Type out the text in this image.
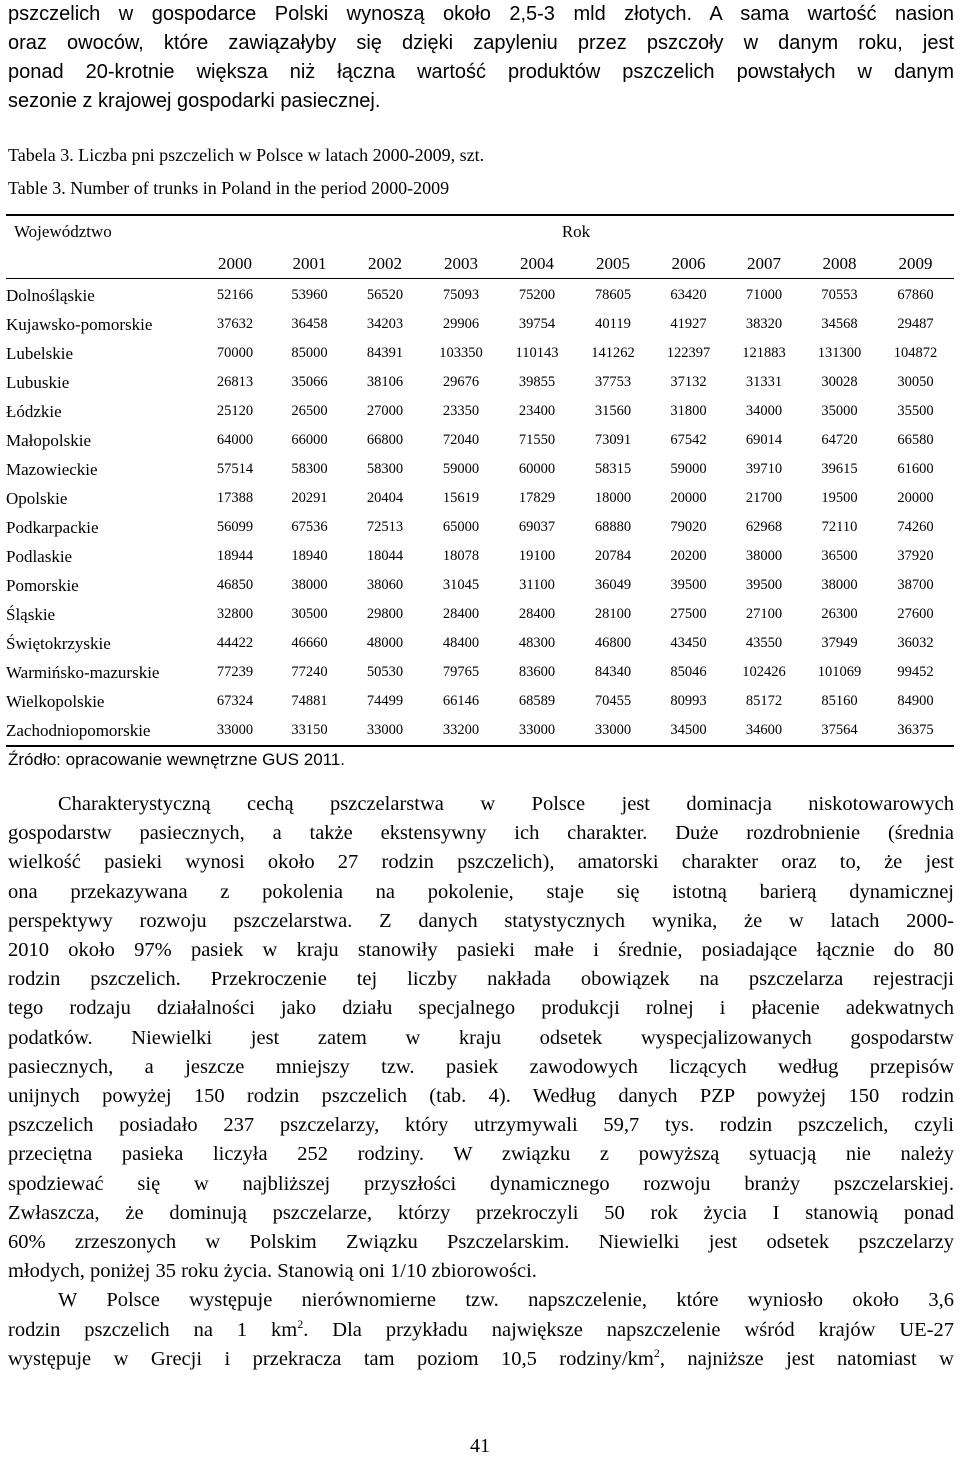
pszczelich w gospodarce Polski wynoszą około 2,5-3 mld złotych. A sama wartość nasion
oraz owoców, które zawiązałyby się dzięki zapyleniu przez pszczoły w danym roku, jest
ponad 20-krotnie większa niż łączna wartość produktów pszczelich powstałych w danym
sezonie z krajowej gospodarki pasiecznej.

Tabela 3. Liczba pni pszczelich w Polsce w latach 2000-2009, szt.

Table 3. Number of trunks in Poland in the period 2000-2009

Województwo	Rok									
	2000	2001	2002	2003	2004	2005	2006	2007	2008	2009
Dolnośląskie	52166	53960	56520	75093	75200	78605	63420	71000	70553	67860
Kujawsko-pomorskie	37632	36458	34203	29906	39754	40119	41927	38320	34568	29487
Lubelskie	70000	85000	84391	103350	110143	141262	122397	121883	131300	104872
Lubuskie	26813	35066	38106	29676	39855	37753	37132	31331	30028	30050
Łódzkie	25120	26500	27000	23350	23400	31560	31800	34000	35000	35500
Małopolskie	64000	66000	66800	72040	71550	73091	67542	69014	64720	66580
Mazowieckie	57514	58300	58300	59000	60000	58315	59000	39710	39615	61600
Opolskie	17388	20291	20404	15619	17829	18000	20000	21700	19500	20000
Podkarpackie	56099	67536	72513	65000	69037	68880	79020	62968	72110	74260
Podlaskie	18944	18940	18044	18078	19100	20784	20200	38000	36500	37920
Pomorskie	46850	38000	38060	31045	31100	36049	39500	39500	38000	38700
Śląskie	32800	30500	29800	28400	28400	28100	27500	27100	26300	27600
Świętokrzyskie	44422	46660	48000	48400	48300	46800	43450	43550	37949	36032
Warmińsko-mazurskie	77239	77240	50530	79765	83600	84340	85046	102426	101069	99452
Wielkopolskie	67324	74881	74499	66146	68589	70455	80993	85172	85160	84900
Zachodniopomorskie	33000	33150	33000	33200	33000	33000	34500	34600	37564	36375

Źródło: opracowanie wewnętrzne GUS 2011.

Charakterystyczną cechą pszczelarstwa w Polsce jest dominacja niskotowarowych
gospodarstw pasiecznych, a także ekstensywny ich charakter. Duże rozdrobnienie (średnia
wielkość pasieki wynosi około 27 rodzin pszczelich), amatorski charakter oraz to, że jest
ona przekazywana z pokolenia na pokolenie, staje się istotną barierą dynamicznej
perspektywy rozwoju pszczelarstwa. Z danych statystycznych wynika, że w latach 2000-
2010 około 97% pasiek w kraju stanowiły pasieki małe i średnie, posiadające łącznie do 80
rodzin pszczelich. Przekroczenie tej liczby nakłada obowiązek na pszczelarza rejestracji
tego rodzaju działalności jako działu specjalnego produkcji rolnej i płacenie adekwatnych
podatków. Niewielki jest zatem w kraju odsetek wyspecjalizowanych gospodarstw
pasiecznych, a jeszcze mniejszy tzw. pasiek zawodowych liczących według przepisów
unijnych powyżej 150 rodzin pszczelich (tab. 4). Według danych PZP powyżej 150 rodzin
pszczelich posiadało 237 pszczelarzy, który utrzymywali 59,7 tys. rodzin pszczelich, czyli
przeciętna pasieka liczyła 252 rodziny. W związku z powyższą sytuacją nie należy
spodziewać się w najbliższej przyszłości dynamicznego rozwoju branży pszczelarskiej.
Zwłaszcza, że dominują pszczelarze, którzy przekroczyli 50 rok życia I stanowią ponad
60% zrzeszonych w Polskim Związku Pszczelarskim. Niewielki jest odsetek pszczelarzy
młodych, poniżej 35 roku życia. Stanowią oni 1/10 zbiorowości.
W Polsce występuje nierównomierne tzw. napszczelenie, które wyniosło około 3,6
rodzin pszczelich na 1 $km^2$. Dla przykładu największe napszczelenie wśród krajów UE-27
występuje w Grecji i przekracza tam poziom 10,5 rodziny/$km^2$, najniższe jest natomiast w
41
